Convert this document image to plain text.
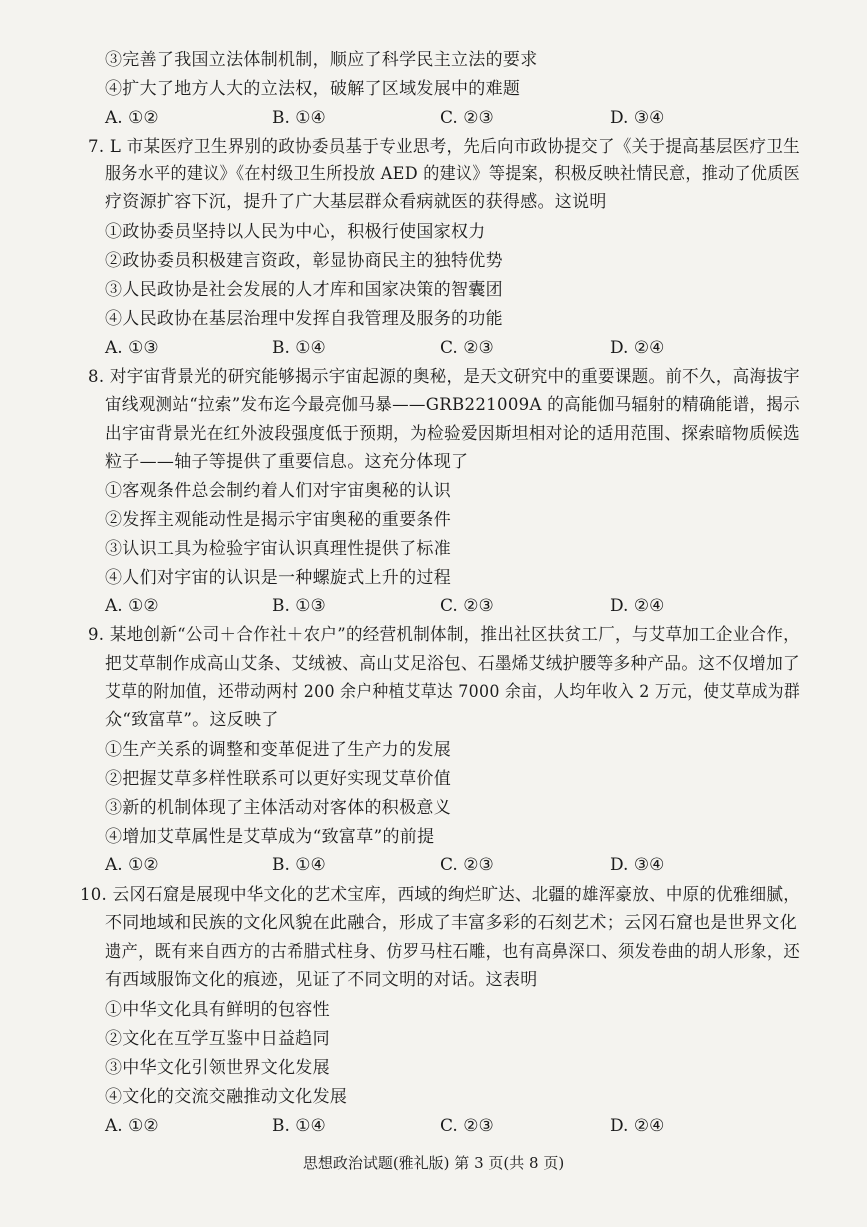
③完善了我国立法体制机制，顺应了科学民主立法的要求
④扩大了地方人大的立法权，破解了区域发展中的难题
A. ①②	B. ①④	C. ②③	D. ③④
7. L 市某医疗卫生界别的政协委员基于专业思考，先后向市政协提交了《关于提高基层医疗卫生
服务水平的建议》《在村级卫生所投放 AED 的建议》等提案，积极反映社情民意，推动了优质医
疗资源扩容下沉，提升了广大基层群众看病就医的获得感。这说明
①政协委员坚持以人民为中心，积极行使国家权力
②政协委员积极建言资政，彰显协商民主的独特优势
③人民政协是社会发展的人才库和国家决策的智囊团
④人民政协在基层治理中发挥自我管理及服务的功能
A. ①③	B. ①④	C. ②③	D. ②④
8. 对宇宙背景光的研究能够揭示宇宙起源的奥秘，是天文研究中的重要课题。前不久，高海拔宇
宙线观测站“拉索”发布迄今最亮伽马暴——GRB221009A 的高能伽马辐射的精确能谱，揭示
出宇宙背景光在红外波段强度低于预期，为检验爱因斯坦相对论的适用范围、探索暗物质候选
粒子——轴子等提供了重要信息。这充分体现了
①客观条件总会制约着人们对宇宙奥秘的认识
②发挥主观能动性是揭示宇宙奥秘的重要条件
③认识工具为检验宇宙认识真理性提供了标准
④人们对宇宙的认识是一种螺旋式上升的过程
A. ①②	B. ①③	C. ②③	D. ②④
9. 某地创新“公司＋合作社＋农户”的经营机制体制，推出社区扶贫工厂，与艾草加工企业合作，
把艾草制作成高山艾条、艾绒被、高山艾足浴包、石墨烯艾绒护腰等多种产品。这不仅增加了
艾草的附加值，还带动两村 200 余户种植艾草达 7000 余亩，人均年收入 2 万元，使艾草成为群
众“致富草”。这反映了
①生产关系的调整和变革促进了生产力的发展
②把握艾草多样性联系可以更好实现艾草价值
③新的机制体现了主体活动对客体的积极意义
④增加艾草属性是艾草成为“致富草”的前提
A. ①②	B. ①④	C. ②③	D. ③④
10. 云冈石窟是展现中华文化的艺术宝库，西域的绚烂旷达、北疆的雄浑豪放、中原的优雅细腻，
不同地域和民族的文化风貌在此融合，形成了丰富多彩的石刻艺术；云冈石窟也是世界文化
遗产，既有来自西方的古希腊式柱身、仿罗马柱石雕，也有高鼻深口、须发卷曲的胡人形象，还
有西域服饰文化的痕迹，见证了不同文明的对话。这表明
①中华文化具有鲜明的包容性
②文化在互学互鉴中日益趋同
③中华文化引领世界文化发展
④文化的交流交融推动文化发展
A. ①②	B. ①④	C. ②③	D. ②④
思想政治试题(雅礼版) 第 3 页(共 8 页)
